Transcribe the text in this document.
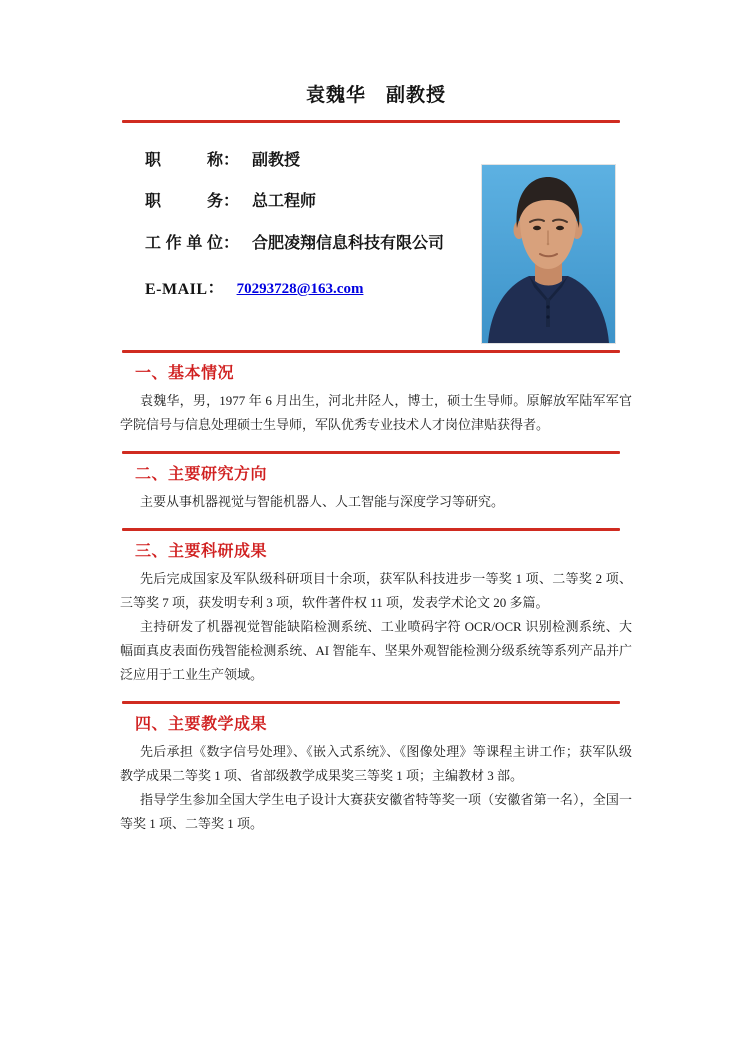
袁魏华　副教授
职称： 副教授
职务： 总工程师
工作单位： 合肥凌翔信息科技有限公司
E-MAIL： 70293728@163.com
一、基本情况

袁魏华，男，1977 年 6 月出生，河北井陉人，博士，硕士生导师。原解放军陆军军官学院信号与信息处理硕士生导师，军队优秀专业技术人才岗位津贴获得者。

二、主要研究方向

主要从事机器视觉与智能机器人、人工智能与深度学习等研究。

三、主要科研成果

先后完成国家及军队级科研项目十余项，获军队科技进步一等奖 1 项、二等奖 2 项、三等奖 7 项，获发明专利 3 项，软件著件权 11 项，发表学术论文 20 多篇。

主持研发了机器视觉智能缺陷检测系统、工业喷码字符 OCR/OCR 识别检测系统、大幅面真皮表面伤残智能检测系统、AI 智能车、坚果外观智能检测分级系统等系列产品并广泛应用于工业生产领域。

四、主要教学成果

先后承担《数字信号处理》、《嵌入式系统》、《图像处理》等课程主讲工作；获军队级教学成果二等奖 1 项、省部级教学成果奖三等奖 1 项；主编教材 3 部。

指导学生参加全国大学生电子设计大赛获安徽省特等奖一项（安徽省第一名），全国一等奖 1 项、二等奖 1 项。
